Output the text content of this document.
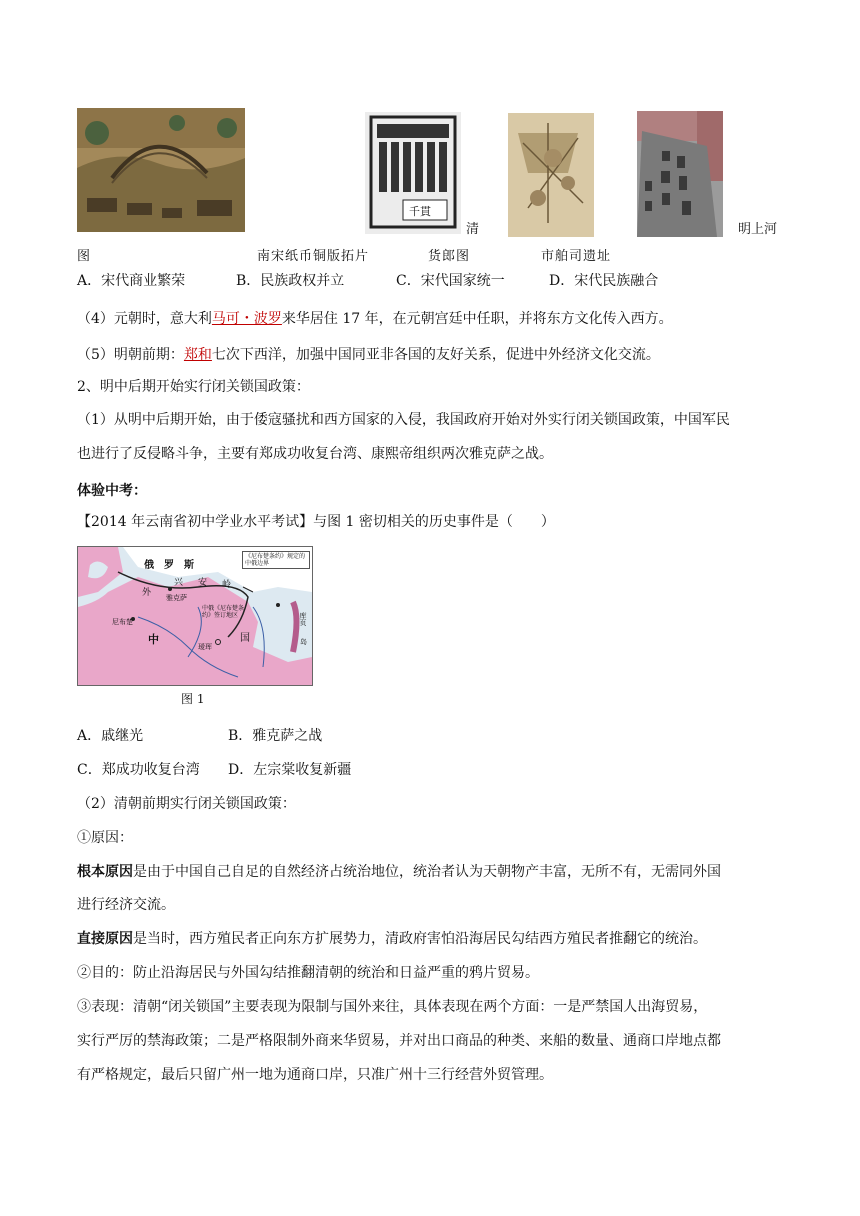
千貫
清	明上河
图	南宋纸币铜版拓片	货郎图	市舶司遗址
A．宋代商业繁荣	B．民族政权并立	C．宋代国家统一	D．宋代民族融合
（4）元朝时，意大利马可・波罗来华居住 17 年，在元朝宫廷中任职，并将东方文化传入西方。
（5）明朝前期：郑和七次下西洋，加强中国同亚非各国的友好关系，促进中外经济文化交流。
2、明中后期开始实行闭关锁国政策：
（1）从明中后期开始，由于倭寇骚扰和西方国家的入侵，我国政府开始对外实行闭关锁国政策，中国军民
也进行了反侵略斗争，主要有郑成功收复台湾、康熙帝组织两次雅克萨之战。
体验中考：
【2014 年云南省初中学业水平考试】与图 1 密切相关的历史事件是（　　）
俄　罗　斯
兴 安 岭
外 雅克萨
尼布楚
中	国
瑷珲
库页
岛
《尼布楚条约》规定的中俄边界
中俄《尼布楚条约》签订地区
图 1
A．戚继光	B．雅克萨之战
C．郑成功收复台湾 D．左宗棠收复新疆
（2）清朝前期实行闭关锁国政策：
①原因：
根本原因是由于中国自己自足的自然经济占统治地位，统治者认为天朝物产丰富，无所不有，无需同外国
进行经济交流。
直接原因是当时，西方殖民者正向东方扩展势力，清政府害怕沿海居民勾结西方殖民者推翻它的统治。
②目的：防止沿海居民与外国勾结推翻清朝的统治和日益严重的鸦片贸易。
③表现：清朝“闭关锁国”主要表现为限制与国外来往，具体表现在两个方面：一是严禁国人出海贸易，
实行严厉的禁海政策；二是严格限制外商来华贸易，并对出口商品的种类、来船的数量、通商口岸地点都
有严格规定，最后只留广州一地为通商口岸，只准广州十三行经营外贸管理。
